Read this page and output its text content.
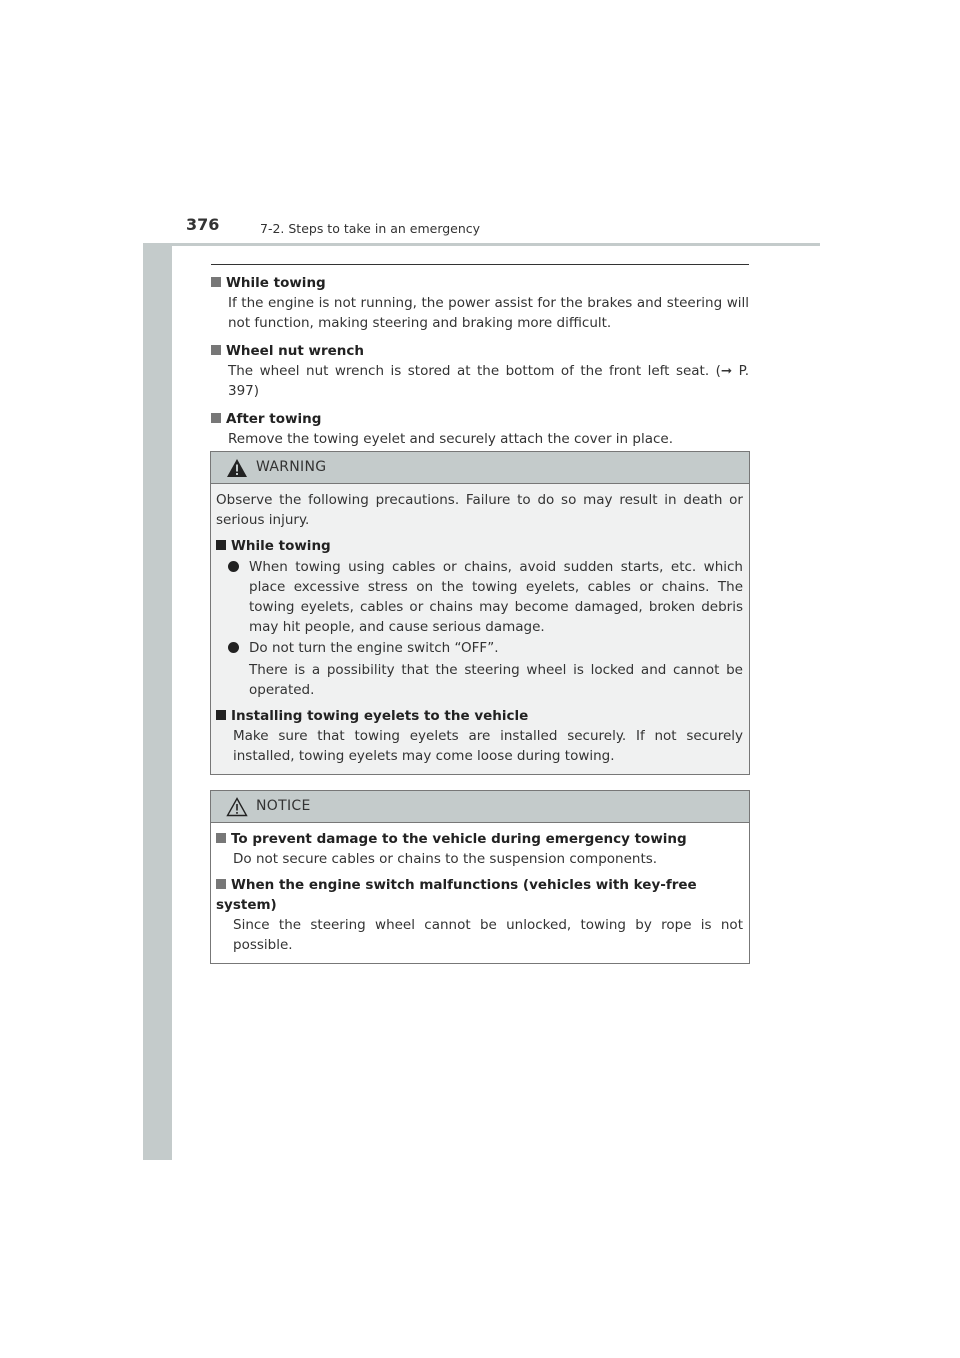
376	7-2. Steps to take in an emergency
While towing
If the engine is not running, the power assist for the brakes and steering will not function, making steering and braking more difficult.
Wheel nut wrench
The wheel nut wrench is stored at the bottom of the front left seat. (➞ P. 397)
After towing
Remove the towing eyelet and securely attach the cover in place.
WARNING
Observe the following precautions. Failure to do so may result in death or serious injury.
While towing
When towing using cables or chains, avoid sudden starts, etc. which place excessive stress on the towing eyelets, cables or chains. The towing eyelets, cables or chains may become damaged, broken debris may hit people, and cause serious damage.
Do not turn the engine switch “OFF”.
There is a possibility that the steering wheel is locked and cannot be operated.
Installing towing eyelets to the vehicle
Make sure that towing eyelets are installed securely. If not securely installed, towing eyelets may come loose during towing.
NOTICE
To prevent damage to the vehicle during emergency towing
Do not secure cables or chains to the suspension components.
When the engine switch malfunctions (vehicles with key-free system)
Since the steering wheel cannot be unlocked, towing by rope is not possible.
